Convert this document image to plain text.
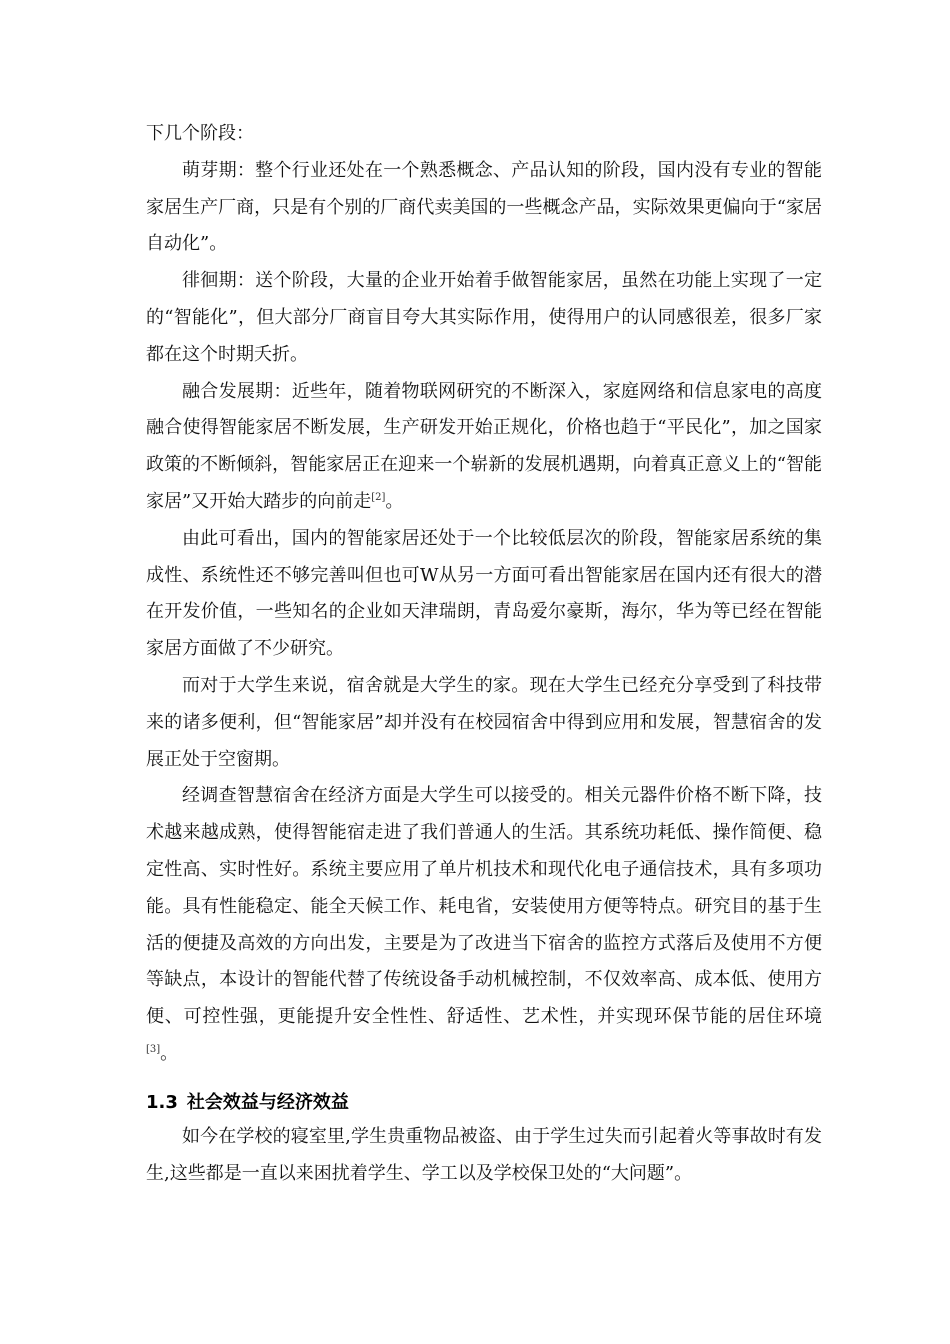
下几个阶段：

萌芽期：整个行业还处在一个熟悉概念、产品认知的阶段，国内没有专业的智能家居生产厂商，只是有个别的厂商代卖美国的一些概念产品，实际效果更偏向于“家居自动化”。

徘徊期：送个阶段，大量的企业开始着手做智能家居，虽然在功能上实现了一定的“智能化”，但大部分厂商盲目夸大其实际作用，使得用户的认同感很差，很多厂家都在这个时期夭折。

融合发展期：近些年，随着物联网研究的不断深入，家庭网络和信息家电的高度融合使得智能家居不断发展，生产研发开始正规化，价格也趋于“平民化”，加之国家政策的不断倾斜，智能家居正在迎来一个崭新的发展机遇期，向着真正意义上的“智能家居”又开始大踏步的向前走[2]。

由此可看出，国内的智能家居还处于一个比较低层次的阶段，智能家居系统的集成性、系统性还不够完善叫但也可W从另一方面可看出智能家居在国内还有很大的潜在开发价值，一些知名的企业如天津瑞朗，青岛爱尔豪斯，海尔，华为等已经在智能家居方面做了不少研究。

而对于大学生来说，宿舍就是大学生的家。现在大学生已经充分享受到了科技带来的诸多便利，但“智能家居”却并没有在校园宿舍中得到应用和发展，智慧宿舍的发展正处于空窗期。

经调查智慧宿舍在经济方面是大学生可以接受的。相关元器件价格不断下降，技术越来越成熟，使得智能宿走进了我们普通人的生活。其系统功耗低、操作简便、稳定性高、实时性好。系统主要应用了单片机技术和现代化电子通信技术，具有多项功能。具有性能稳定、能全天候工作、耗电省，安装使用方便等特点。研究目的基于生活的便捷及高效的方向出发，主要是为了改进当下宿舍的监控方式落后及使用不方便等缺点，本设计的智能代替了传统设备手动机械控制，不仅效率高、成本低、使用方便、可控性强，更能提升安全性性、舒适性、艺术性，并实现环保节能的居住环境[3]。

1.3 社会效益与经济效益

如今在学校的寝室里,学生贵重物品被盗、由于学生过失而引起着火等事故时有发生,这些都是一直以来困扰着学生、学工以及学校保卫处的“大问题”。
